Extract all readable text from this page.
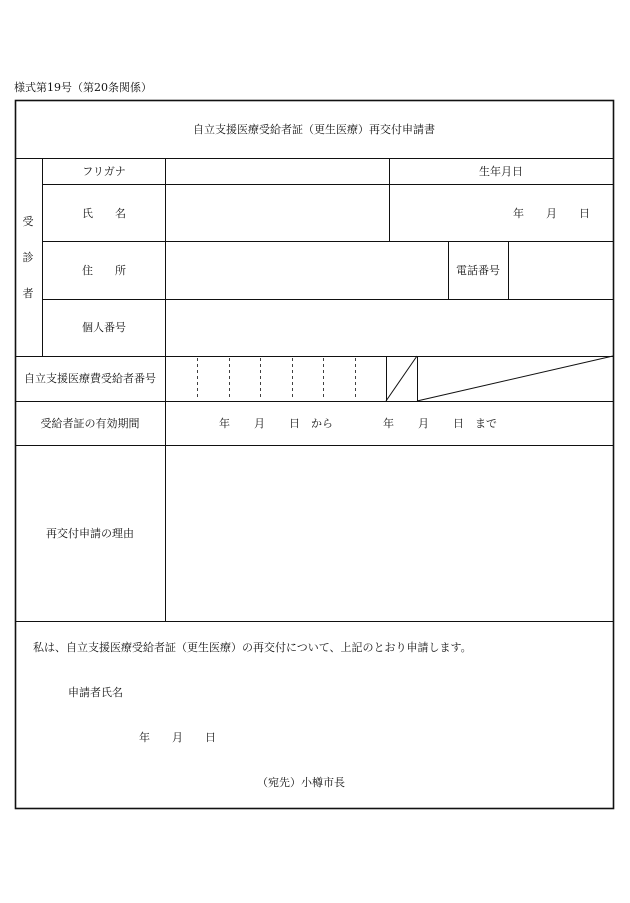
様式第19号（第20条関係）
自立支援医療受給者証（更生医療）再交付申請書
受
診
者
フリガナ	生年月日
氏　　名	年　　月　　日
住　　所	電話番号
個人番号
自立支援医療費受給者番号
受給者証の有効期間	年 月 日　から	年 月 日　まで
再交付申請の理由
私は、自立支援医療受給者証（更生医療）の再交付について、上記のとおり申請します。
申請者氏名
年　　月　　日
（宛先）小樽市長
